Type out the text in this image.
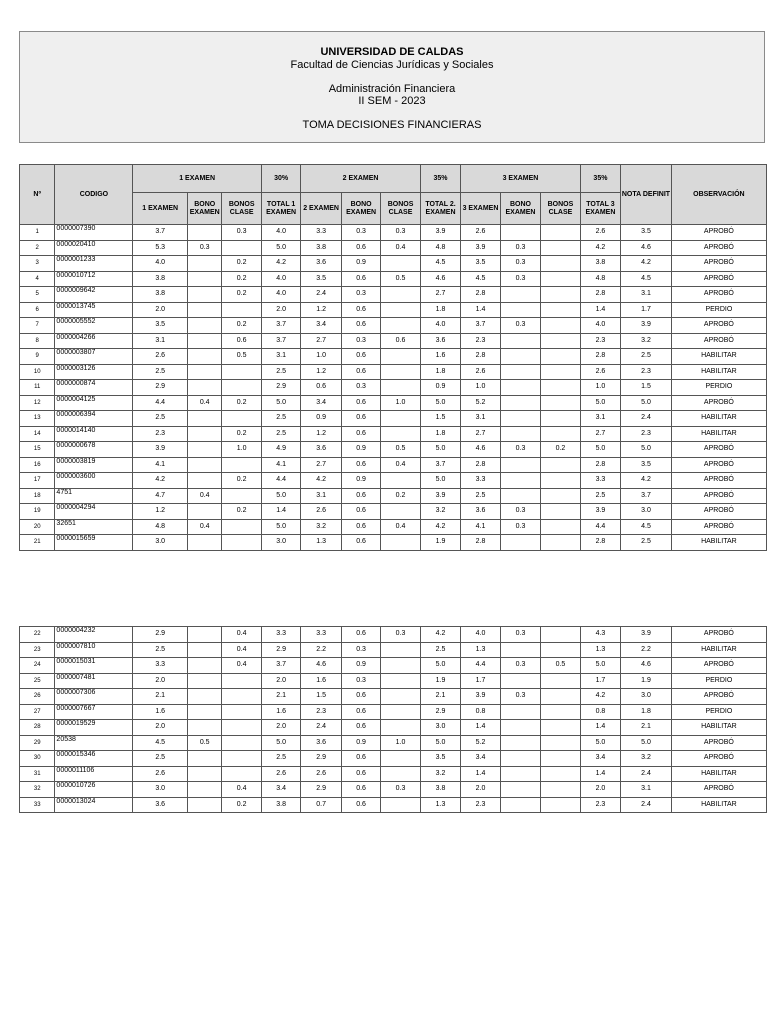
UNIVERSIDAD DE CALDAS
Facultad de Ciencias Jurídicas y Sociales
Administración Financiera
II SEM - 2023
TOMA DECISIONES FINANCIERAS
Nº	CODIGO	1 EXAMEN			30%	2 EXAMEN			35%	3 EXAMEN			35%	NOTA DEFINIT	OBSERVACIÓN
		1 EXAMEN	BONO EXAMEN	BONOS CLASE	TOTAL 1 EXAMEN	2 EXAMEN	BONO EXAMEN	BONOS CLASE	TOTAL 2. EXAMEN	3 EXAMEN	BONO EXAMEN	BONOS CLASE	TOTAL 3 EXAMEN		
1	0000007390	3.7		0.3	4.0	3.3	0.3	0.3	3.9	2.6			2.6	3.5	APROBÓ
2	0000020410	5.3	0.3		5.0	3.8	0.6	0.4	4.8	3.9	0.3		4.2	4.6	APROBÓ
3	0000001233	4.0		0.2	4.2	3.6	0.9		4.5	3.5	0.3		3.8	4.2	APROBÓ
4	0000010712	3.8		0.2	4.0	3.5	0.6	0.5	4.6	4.5	0.3		4.8	4.5	APROBÓ
5	0000009642	3.8		0.2	4.0	2.4	0.3		2.7	2.8			2.8	3.1	APROBÓ
6	0000013745	2.0			2.0	1.2	0.6		1.8	1.4			1.4	1.7	PERDIO
7	0000005552	3.5		0.2	3.7	3.4	0.6		4.0	3.7	0.3		4.0	3.9	APROBÓ
8	0000004266	3.1		0.6	3.7	2.7	0.3	0.6	3.6	2.3			2.3	3.2	APROBÓ
9	0000003807	2.6		0.5	3.1	1.0	0.6		1.6	2.8			2.8	2.5	HABILITAR
10	0000003126	2.5			2.5	1.2	0.6		1.8	2.6			2.6	2.3	HABILITAR
11	0000000874	2.9			2.9	0.6	0.3		0.9	1.0			1.0	1.5	PERDIO
12	0000004125	4.4	0.4	0.2	5.0	3.4	0.6	1.0	5.0	5.2			5.0	5.0	APROBÓ
13	0000006394	2.5			2.5	0.9	0.6		1.5	3.1			3.1	2.4	HABILITAR
14	0000014140	2.3		0.2	2.5	1.2	0.6		1.8	2.7			2.7	2.3	HABILITAR
15	0000000678	3.9		1.0	4.9	3.6	0.9	0.5	5.0	4.6	0.3	0.2	5.0	5.0	APROBÓ
16	0000003819	4.1			4.1	2.7	0.6	0.4	3.7	2.8			2.8	3.5	APROBÓ
17	0000003600	4.2		0.2	4.4	4.2	0.9		5.0	3.3			3.3	4.2	APROBÓ
18	4751	4.7	0.4		5.0	3.1	0.6	0.2	3.9	2.5			2.5	3.7	APROBÓ
19	0000004294	1.2		0.2	1.4	2.6	0.6		3.2	3.6	0.3		3.9	3.0	APROBÓ
20	32651	4.8	0.4		5.0	3.2	0.6	0.4	4.2	4.1	0.3		4.4	4.5	APROBÓ
21	0000015659	3.0			3.0	1.3	0.6		1.9	2.8			2.8	2.5	HABILITAR
22	0000004232	2.9		0.4	3.3	3.3	0.6	0.3	4.2	4.0	0.3		4.3	3.9	APROBÓ
23	0000007810	2.5		0.4	2.9	2.2	0.3		2.5	1.3			1.3	2.2	HABILITAR
24	0000015031	3.3		0.4	3.7	4.6	0.9		5.0	4.4	0.3	0.5	5.0	4.6	APROBÓ
25	0000007481	2.0			2.0	1.6	0.3		1.9	1.7			1.7	1.9	PERDIO
26	0000007306	2.1			2.1	1.5	0.6		2.1	3.9	0.3		4.2	3.0	APROBÓ
27	0000007667	1.6			1.6	2.3	0.6		2.9	0.8			0.8	1.8	PERDIO
28	0000019529	2.0			2.0	2.4	0.6		3.0	1.4			1.4	2.1	HABILITAR
29	20538	4.5	0.5		5.0	3.6	0.9	1.0	5.0	5.2			5.0	5.0	APROBÓ
30	0000015346	2.5			2.5	2.9	0.6		3.5	3.4			3.4	3.2	APROBÓ
31	0000011106	2.6			2.6	2.6	0.6		3.2	1.4			1.4	2.4	HABILITAR
32	0000010726	3.0		0.4	3.4	2.9	0.6	0.3	3.8	2.0			2.0	3.1	APROBÓ
33	0000013024	3.6		0.2	3.8	0.7	0.6		1.3	2.3			2.3	2.4	HABILITAR
